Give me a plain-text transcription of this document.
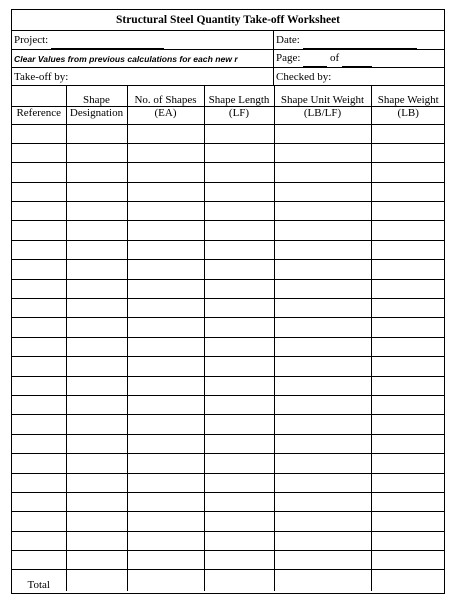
Structural Steel Quantity Take-off Worksheet
Project:	Date:
Clear Values from previous calculations for each new r	Page:	of
Take-off by:	Checked by:
	Shape	No. of Shapes	Shape Length	Shape Unit Weight	Shape Weight
Reference	Designation	(EA)	(LF)	(LB/LF)	(LB)

Total					
